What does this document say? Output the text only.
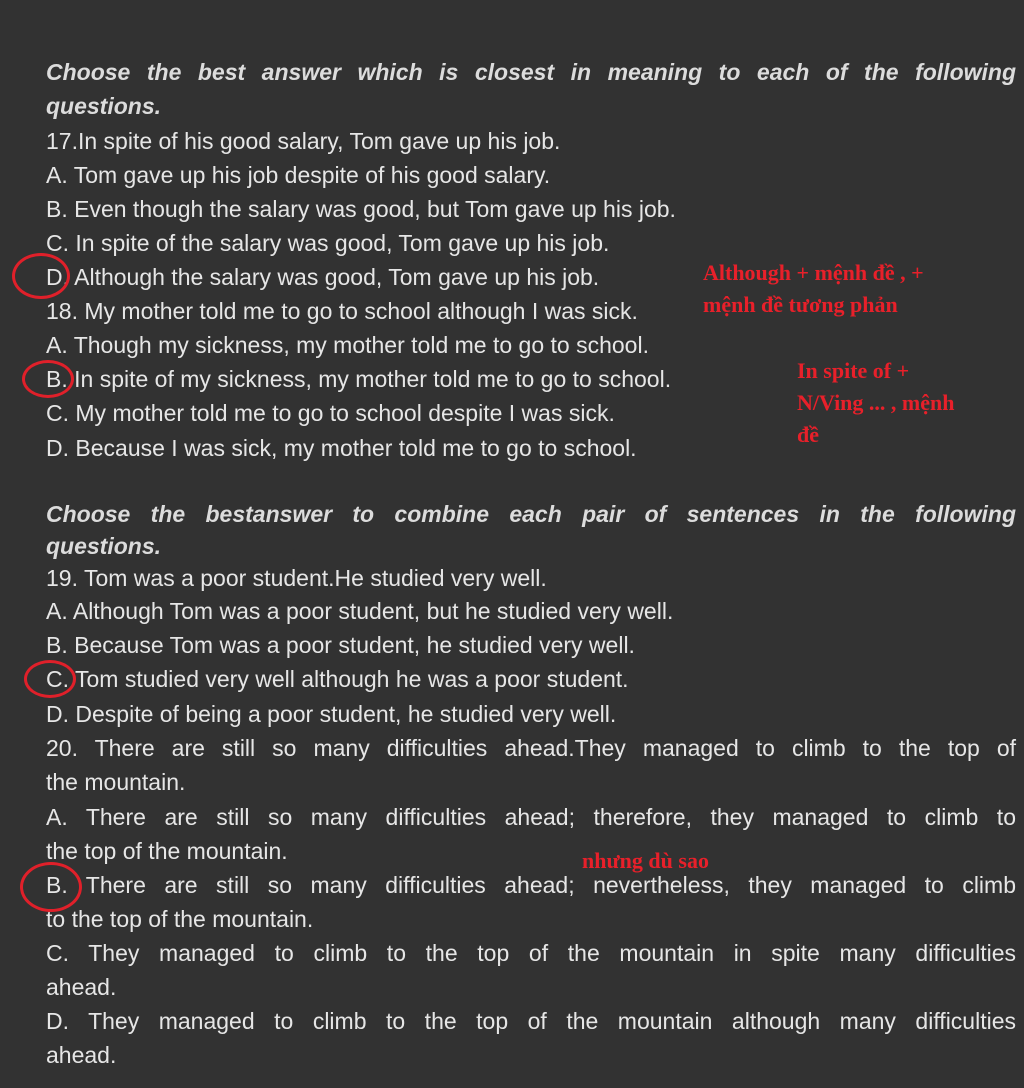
Choose the best answer which is closest in meaning to each of the following
questions.
17.In spite of his good salary, Tom gave up his job.
A. Tom gave up his job despite of his good salary.
B. Even though the salary was good, but Tom gave up his job.
C. In spite of the salary was good, Tom gave up his job.
D. Although the salary was good, Tom gave up his job.
18. My mother told me to go to school although I was sick.
A. Though my sickness, my mother told me to go to school.
B. In spite of my sickness, my mother told me to go to school.
C. My mother told me to go to school despite I was sick.
D. Because I was sick, my mother told me to go to school.
Choose the bestanswer to combine each pair of sentences in the following
questions.
19. Tom was a poor student.He studied very well.
A. Although Tom was a poor student, but he studied very well.
B. Because Tom was a poor student, he studied very well.
C. Tom studied very well although he was a poor student.
D. Despite of being a poor student, he studied very well.
20. There are still so many difficulties ahead.They managed to climb to the top of
the mountain.
A. There are still so many difficulties ahead; therefore, they managed to climb to
the top of the mountain.
B. There are still so many difficulties ahead; nevertheless, they managed to climb
to the top of the mountain.
C. They managed to climb to the top of the mountain in spite many difficulties
ahead.
D. They managed to climb to the top of the mountain although many difficulties
ahead.
Although + mệnh đề , +
mệnh đề tương phản
In spite of +
N/Ving ... , mệnh
đề
nhưng dù sao
